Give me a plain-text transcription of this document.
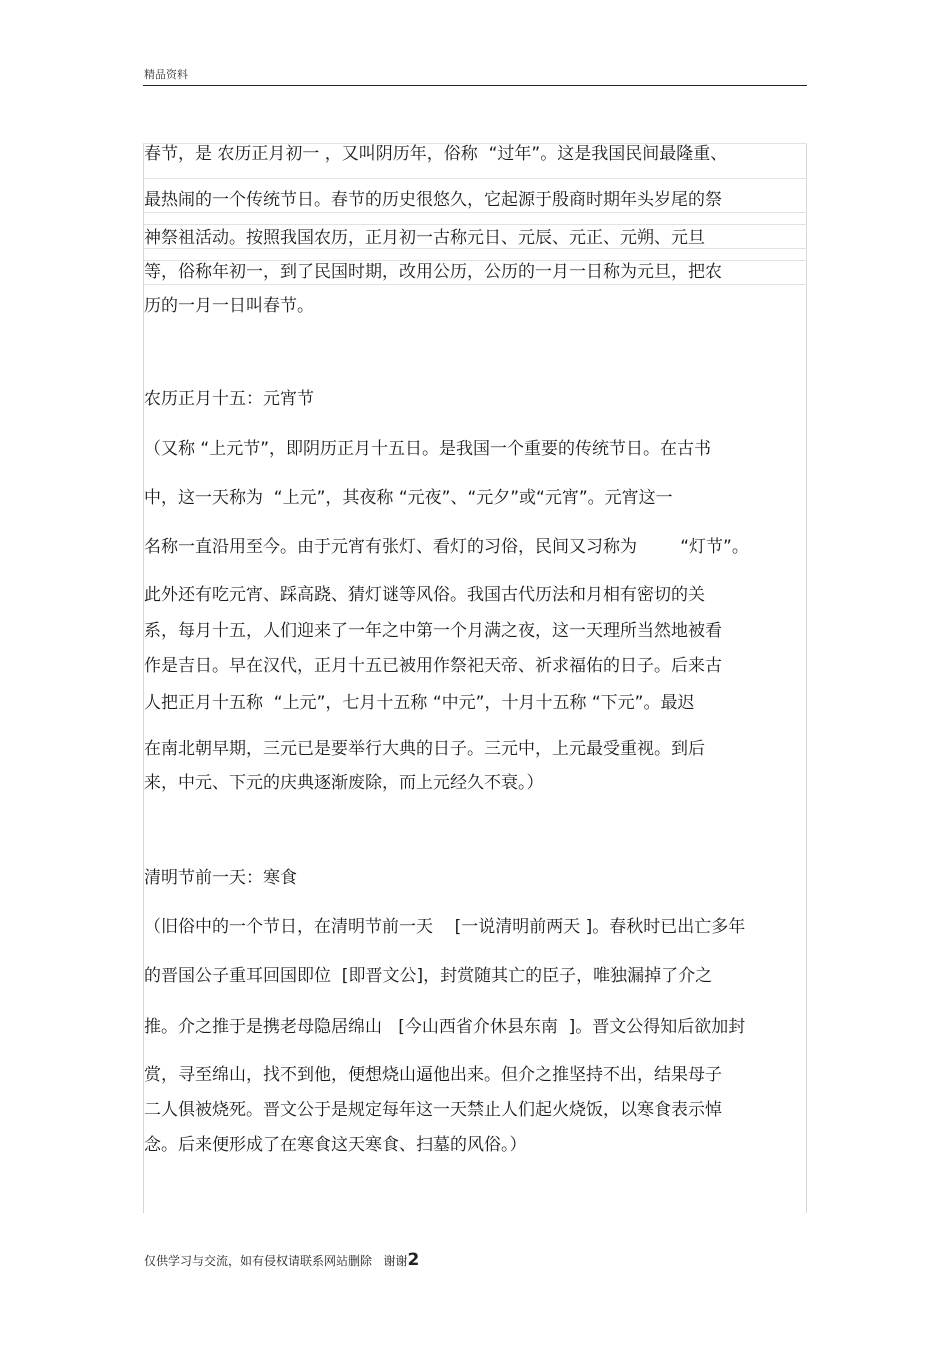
精品资料
春节，是 农历正月初一 ，又叫阴历年，俗称  “过年”。这是我国民间最隆重、
最热闹的一个传统节日。春节的历史很悠久，它起源于殷商时期年头岁尾的祭
神祭祖活动。按照我国农历，正月初一古称元日、元辰、元正、元朔、元旦
等，俗称年初一，到了民国时期，改用公历，公历的一月一日称为元旦，把农
历的一月一日叫春节。
农历正月十五：元宵节
（又称 “上元节”，即阴历正月十五日。是我国一个重要的传统节日。在古书
中，这一天称为  “上元”，其夜称 “元夜”、“元夕”或“元宵”。元宵这一
名称一直沿用至今。由于元宵有张灯、看灯的习俗，民间又习称为        “灯节”。
此外还有吃元宵、踩高跷、猜灯谜等风俗。我国古代历法和月相有密切的关
系，每月十五，人们迎来了一年之中第一个月满之夜，这一天理所当然地被看
作是吉日。早在汉代，正月十五已被用作祭祀天帝、祈求福佑的日子。后来古
人把正月十五称  “上元”，七月十五称 “中元”，十月十五称 “下元”。最迟
在南北朝早期，三元已是要举行大典的日子。三元中，上元最受重视。到后
来，中元、下元的庆典逐渐废除，而上元经久不衰。）
清明节前一天：寒食
（旧俗中的一个节日，在清明节前一天    [一说清明前两天 ]。春秋时已出亡多年
的晋国公子重耳回国即位  [即晋文公]，封赏随其亡的臣子，唯独漏掉了介之
推。介之推于是携老母隐居绵山   [今山西省介休县东南  ]。晋文公得知后欲加封
赏，寻至绵山，找不到他，便想烧山逼他出来。但介之推坚持不出，结果母子
二人俱被烧死。晋文公于是规定每年这一天禁止人们起火烧饭，以寒食表示悼
念。后来便形成了在寒食这天寒食、扫墓的风俗。）
仅供学习与交流，如有侵权请联系网站删除   谢谢2
